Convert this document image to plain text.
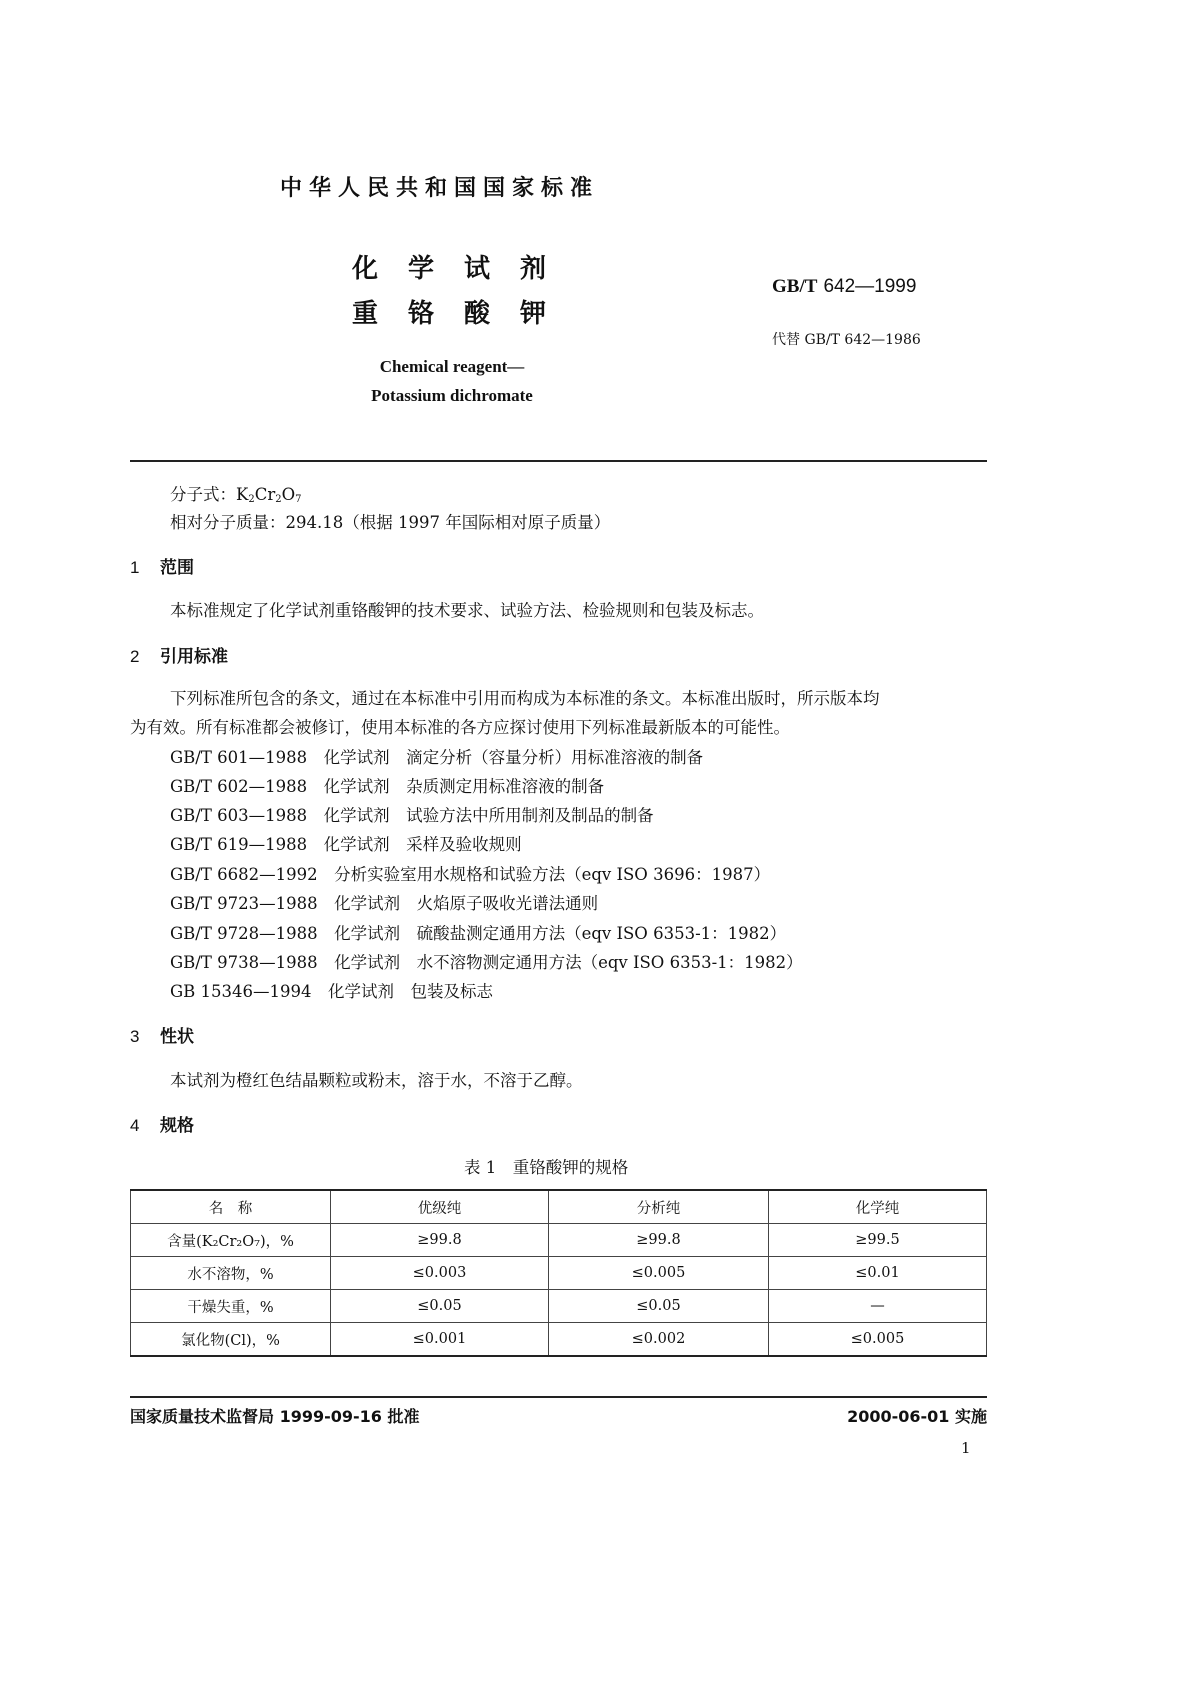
中华人民共和国国家标准
化学试剂
重铬酸钾
GB/T 642—1999
代替 GB/T 642—1986
Chemical reagent—
Potassium dichromate
分子式：$K_2Cr_2O_7$
相对分子质量：294.18（根据 1997 年国际相对原子质量）
1 范围
本标准规定了化学试剂重铬酸钾的技术要求、试验方法、检验规则和包装及标志。
2 引用标准
下列标准所包含的条文，通过在本标准中引用而构成为本标准的条文。本标准出版时，所示版本均
为有效。所有标准都会被修订，使用本标准的各方应探讨使用下列标准最新版本的可能性。
GB/T 601—1988　化学试剂　滴定分析（容量分析）用标准溶液的制备
GB/T 602—1988　化学试剂　杂质测定用标准溶液的制备
GB/T 603—1988　化学试剂　试验方法中所用制剂及制品的制备
GB/T 619—1988　化学试剂　采样及验收规则
GB/T 6682—1992　分析实验室用水规格和试验方法（eqv ISO 3696：1987）
GB/T 9723—1988　化学试剂　火焰原子吸收光谱法通则
GB/T 9728—1988　化学试剂　硫酸盐测定通用方法（eqv ISO 6353-1：1982）
GB/T 9738—1988　化学试剂　水不溶物测定通用方法（eqv ISO 6353-1：1982）
GB 15346—1994　化学试剂　包装及标志
3 性状
本试剂为橙红色结晶颗粒或粉末，溶于水，不溶于乙醇。
4 规格
表 1　重铬酸钾的规格
名　称	优级纯	分析纯	化学纯
含量(K₂Cr₂O₇)，%	≥99.8	≥99.8	≥99.5
水不溶物，%	≤0.003	≤0.005	≤0.01
干燥失重，%	≤0.05	≤0.05	—
氯化物(Cl)，%	≤0.001	≤0.002	≤0.005
国家质量技术监督局 1999-09-16 批准	2000-06-01 实施
1
